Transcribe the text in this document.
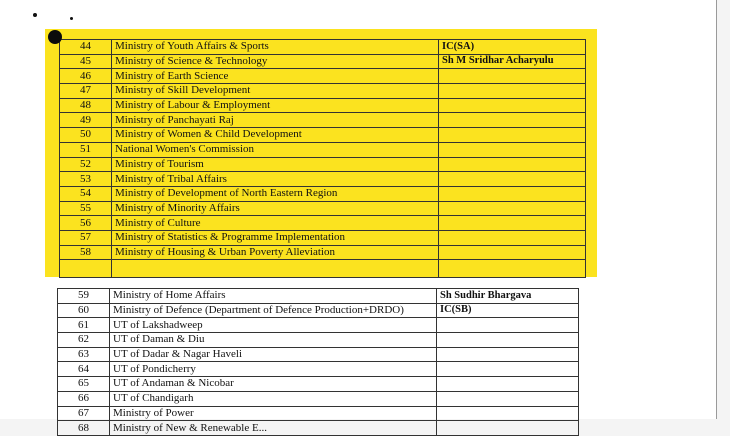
44	Ministry of Youth Affairs & Sports	IC(SA)
45	Ministry of Science & Technology	Sh M Sridhar Acharyulu
46	Ministry of Earth Science	
47	Ministry of Skill Development	
48	Ministry of Labour & Employment	
49	Ministry of Panchayati Raj	
50	Ministry of Women & Child Development	
51	National Women's Commission	
52	Ministry of Tourism	
53	Ministry of Tribal Affairs	
54	Ministry of Development of North Eastern Region	
55	Ministry of Minority Affairs	
56	Ministry of Culture	
57	Ministry of Statistics & Programme Implementation	
58	Ministry of Housing & Urban Poverty Alleviation	

59	Ministry of Home Affairs	Sh Sudhir Bhargava
60	Ministry of Defence (Department of Defence Production+DRDO)	IC(SB)
61	UT of Lakshadweep	
62	UT of Daman & Diu	
63	UT of Dadar & Nagar Haveli	
64	UT of Pondicherry	
65	UT of Andaman & Nicobar	
66	UT of Chandigarh	
67	Ministry of Power	
68	Ministry of New & Renewable E...	
